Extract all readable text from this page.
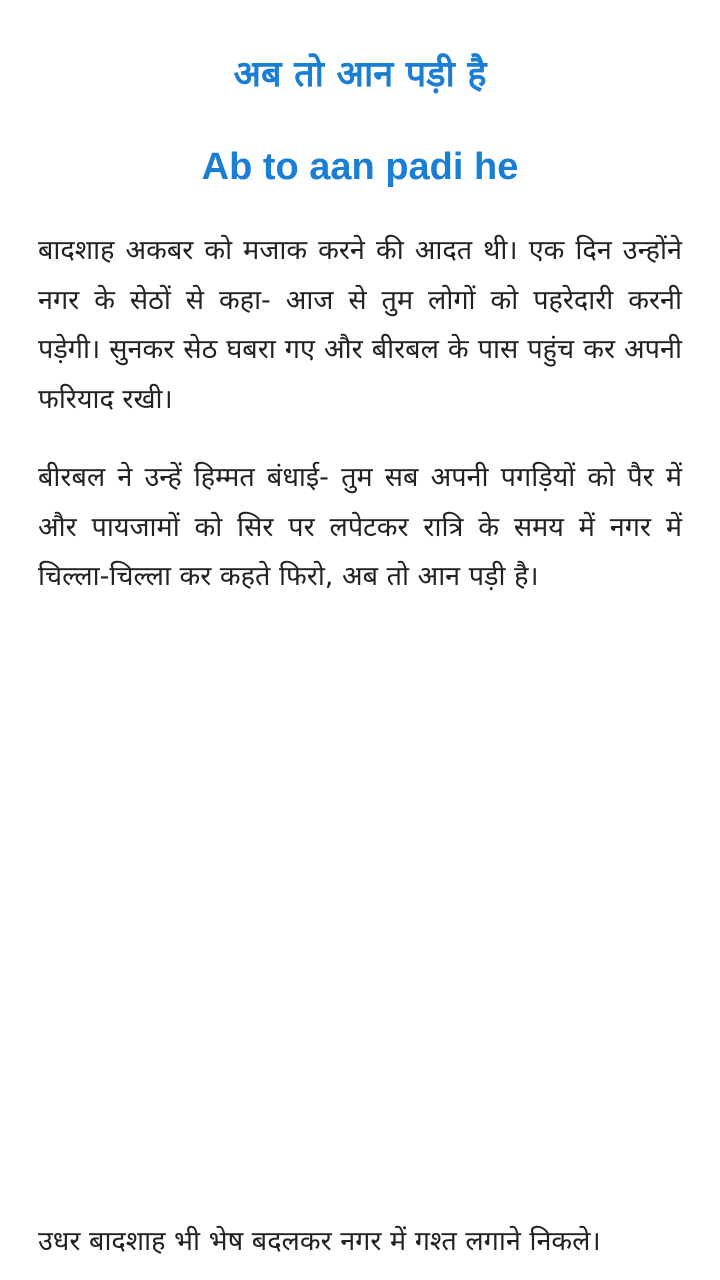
अब तो आन पड़ी है
Ab to aan padi he

बादशाह अकबर को मजाक करने की आदत थी। एक दिन उन्होंने नगर के सेठों से कहा- आज से तुम लोगों को पहरेदारी करनी पड़ेगी। सुनकर सेठ घबरा गए और बीरबल के पास पहुंच कर अपनी फरियाद रखी।

बीरबल ने उन्हें हिम्मत बंधाई- तुम सब अपनी पगड़ियों को पैर में और पायजामों को सिर पर लपेटकर रात्रि के समय में नगर में चिल्ला-चिल्ला कर कहते फिरो, अब तो आन पड़ी है।

उधर बादशाह भी भेष बदलकर नगर में गश्त लगाने निकले।
